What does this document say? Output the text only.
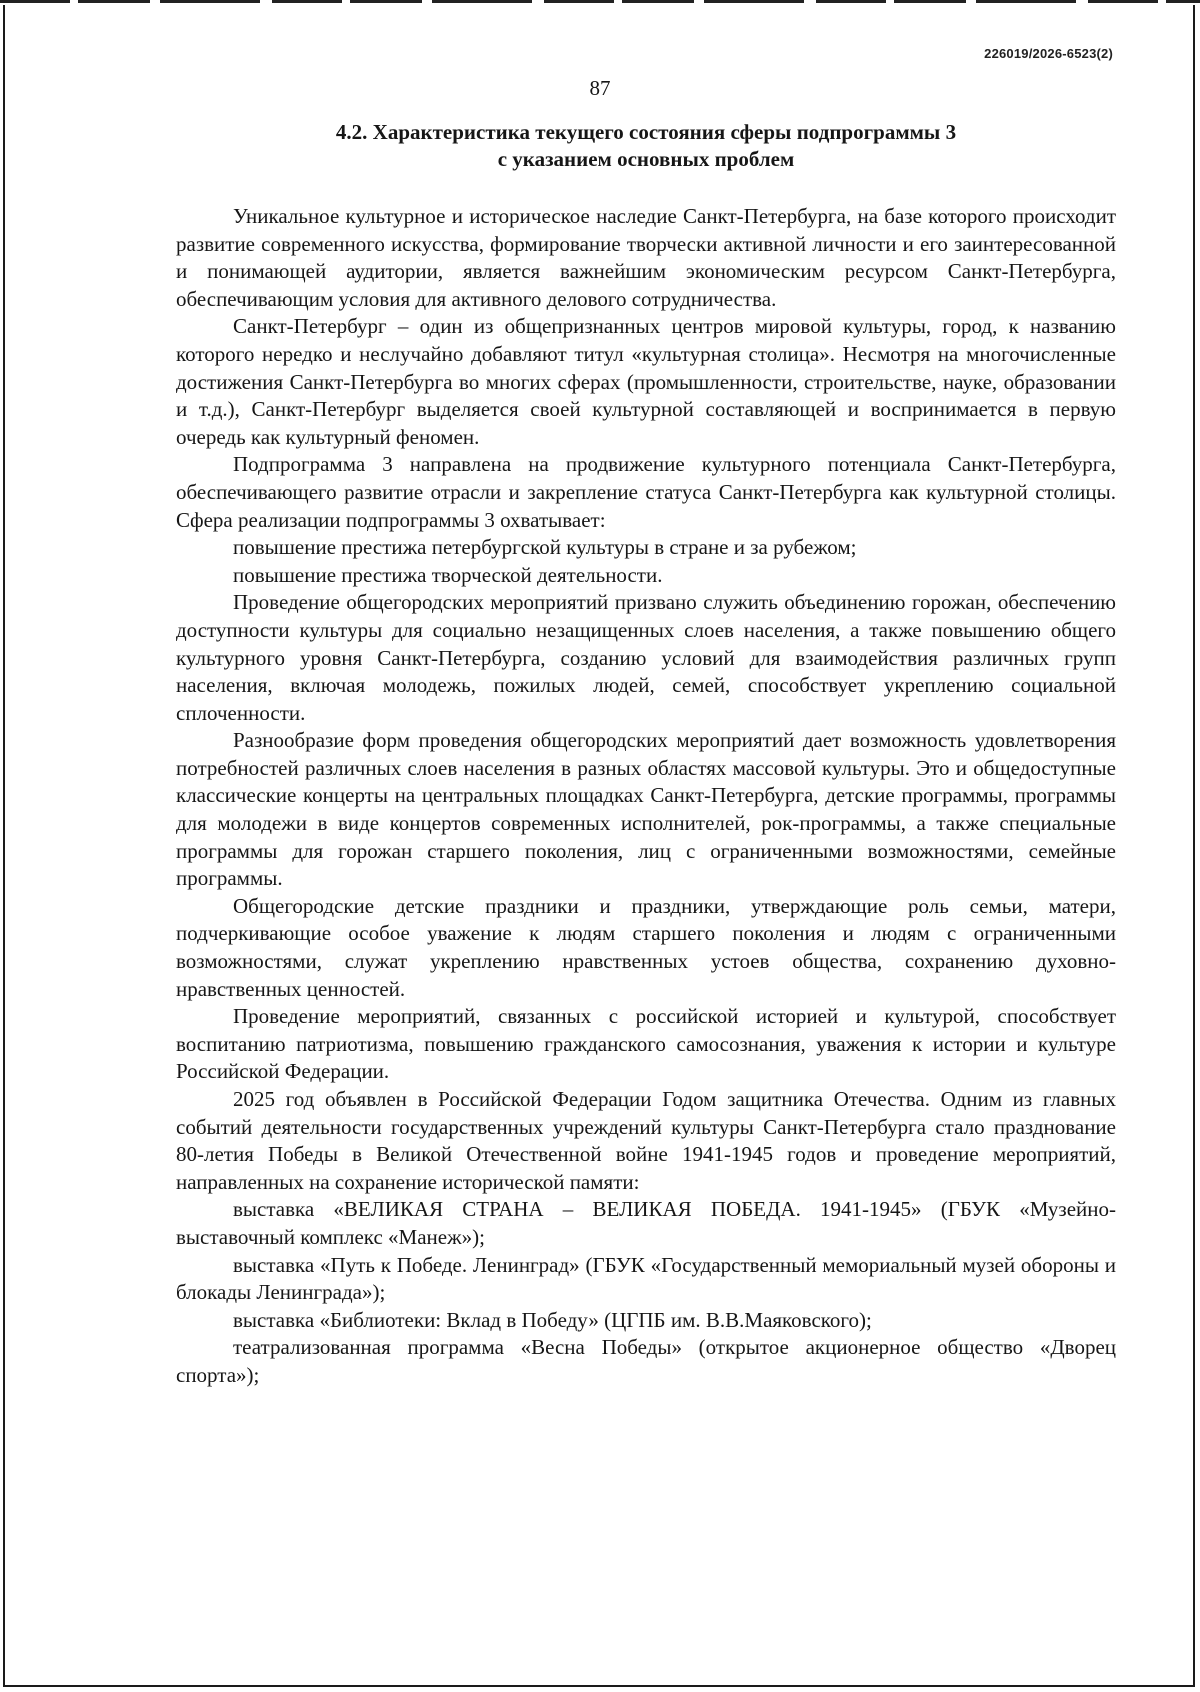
226019/2026-6523(2)
87
4.2. Характеристика текущего состояния сферы подпрограммы 3
с указанием основных проблем

Уникальное культурное и историческое наследие Санкт-Петербурга, на базе которого происходит развитие современного искусства, формирование творчески активной личности и его заинтересованной и понимающей аудитории, является важнейшим экономическим ресурсом Санкт-Петербурга, обеспечивающим условия для активного делового сотрудничества.

Санкт-Петербург – один из общепризнанных центров мировой культуры, город, к названию которого нередко и неслучайно добавляют титул «культурная столица». Несмотря на многочисленные достижения Санкт-Петербурга во многих сферах (промышленности, строительстве, науке, образовании и т.д.), Санкт-Петербург выделяется своей культурной составляющей и воспринимается в первую очередь как культурный феномен.

Подпрограмма 3 направлена на продвижение культурного потенциала Санкт-Петербурга, обеспечивающего развитие отрасли и закрепление статуса Санкт-Петербурга как культурной столицы. Сфера реализации подпрограммы 3 охватывает:

повышение престижа петербургской культуры в стране и за рубежом;

повышение престижа творческой деятельности.

Проведение общегородских мероприятий призвано служить объединению горожан, обеспечению доступности культуры для социально незащищенных слоев населения, а также повышению общего культурного уровня Санкт-Петербурга, созданию условий для взаимодействия различных групп населения, включая молодежь, пожилых людей, семей, способствует укреплению социальной сплоченности.

Разнообразие форм проведения общегородских мероприятий дает возможность удовлетворения потребностей различных слоев населения в разных областях массовой культуры. Это и общедоступные классические концерты на центральных площадках Санкт-Петербурга, детские программы, программы для молодежи в виде концертов современных исполнителей, рок-программы, а также специальные программы для горожан старшего поколения, лиц с ограниченными возможностями, семейные программы.

Общегородские детские праздники и праздники, утверждающие роль семьи, матери, подчеркивающие особое уважение к людям старшего поколения и людям с ограниченными возможностями, служат укреплению нравственных устоев общества, сохранению духовно-нравственных ценностей.

Проведение мероприятий, связанных с российской историей и культурой, способствует воспитанию патриотизма, повышению гражданского самосознания, уважения к истории и культуре Российской Федерации.

2025 год объявлен в Российской Федерации Годом защитника Отечества. Одним из главных событий деятельности государственных учреждений культуры Санкт-Петербурга стало празднование 80-летия Победы в Великой Отечественной войне 1941-1945 годов и проведение мероприятий, направленных на сохранение исторической памяти:

выставка «ВЕЛИКАЯ СТРАНА – ВЕЛИКАЯ ПОБЕДА. 1941-1945» (ГБУК «Музейно-выставочный комплекс «Манеж»);

выставка «Путь к Победе. Ленинград» (ГБУК «Государственный мемориальный музей обороны и блокады Ленинграда»);

выставка «Библиотеки: Вклад в Победу» (ЦГПБ им. В.В.Маяковского);

театрализованная программа «Весна Победы» (открытое акционерное общество «Дворец спорта»);
